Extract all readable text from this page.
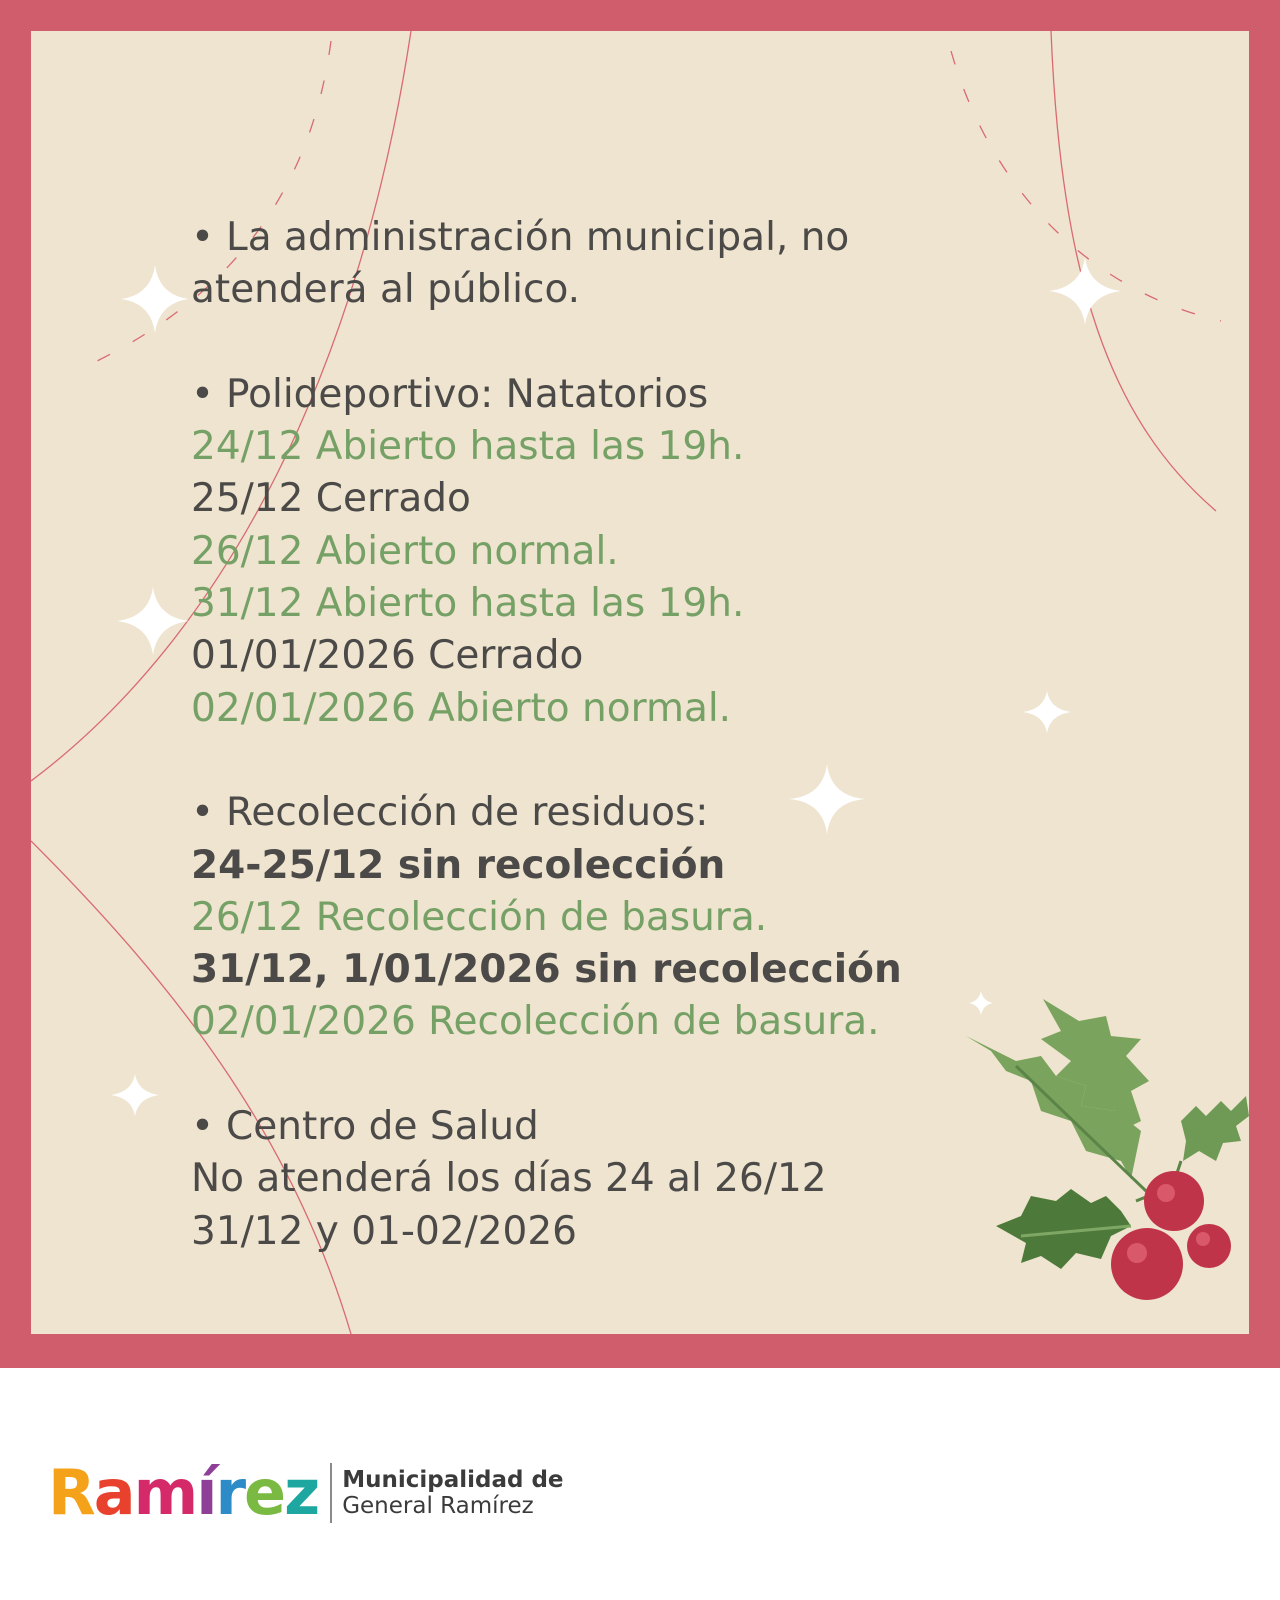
• La administración municipal, no
atenderá al público.
• Polideportivo: Natatorios
24/12 Abierto hasta las 19h.
25/12 Cerrado
26/12 Abierto normal.
31/12 Abierto hasta las 19h.
01/01/2026 Cerrado
02/01/2026 Abierto normal.
• Recolección de residuos:
24-25/12 sin recolección
26/12 Recolección de basura.
31/12, 1/01/2026 sin recolección
02/01/2026 Recolección de basura.
• Centro de Salud
No atenderá los días 24 al 26/12
31/12 y 01-02/2026
Ramírez Municipalidad de
General Ramírez
